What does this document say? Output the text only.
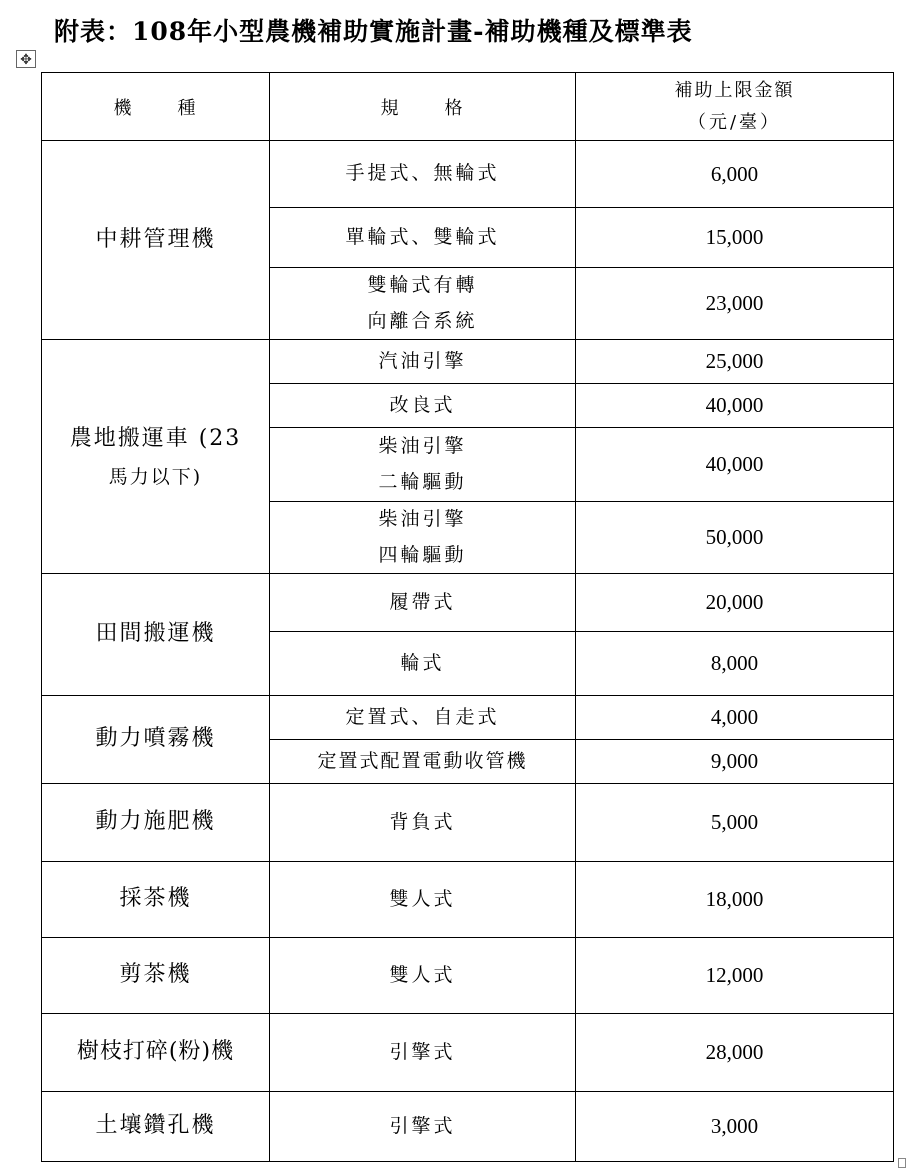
附表：108年小型農機補助實施計畫-補助機種及標準表
✥
機 種	規 格	補助上限金額
（元/臺）

中耕管理機	手提式、無輪式	6,000
	單輪式、雙輪式	15,000

	雙輪式有轉
向離合系統	23,000

農地搬運車 (23
馬力以下)	汽油引擎	25,000
	改良式	40,000

	柴油引擎
二輪驅動	40,000

	柴油引擎
四輪驅動	50,000
田間搬運機	履帶式	20,000
	輪式	8,000
動力噴霧機	定置式、自走式	4,000
	定置式配置電動收管機	9,000
動力施肥機	背負式	5,000
採茶機	雙人式	18,000
剪茶機	雙人式	12,000
樹枝打碎(粉)機	引擎式	28,000
土壤鑽孔機	引擎式	3,000
